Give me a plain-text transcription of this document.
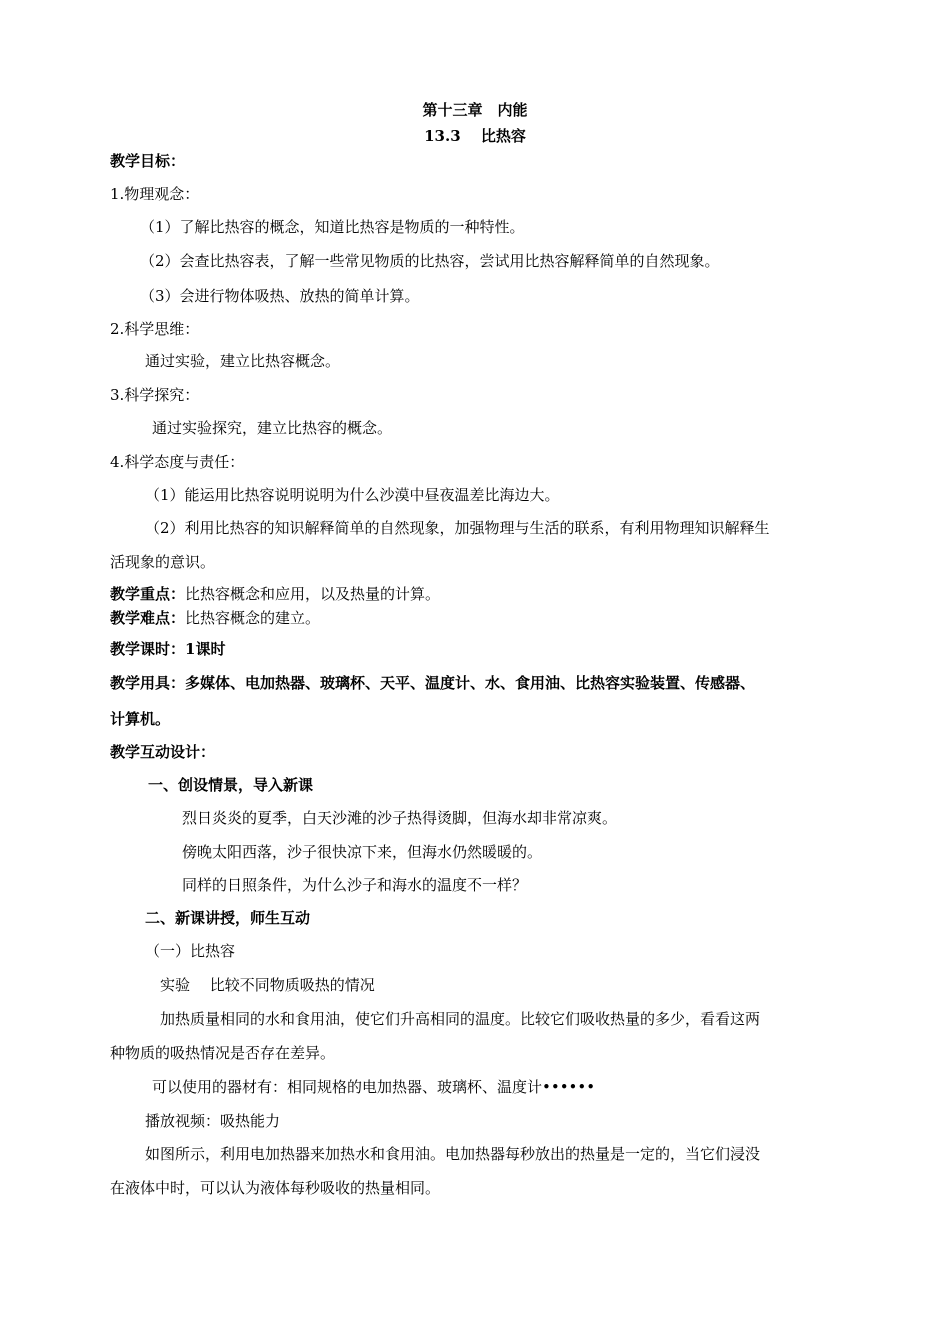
第十三章　内能
13.3　 比热容
教学目标：
1.物理观念：
（1）了解比热容的概念，知道比热容是物质的一种特性。
（2）会查比热容表，了解一些常见物质的比热容，尝试用比热容解释简单的自然现象。
（3）会进行物体吸热、放热的简单计算。
2.科学思维：
通过实验，建立比热容概念。
3.科学探究：
通过实验探究，建立比热容的概念。
4.科学态度与责任：
（1）能运用比热容说明说明为什么沙漠中昼夜温差比海边大。
（2）利用比热容的知识解释简单的自然现象，加强物理与生活的联系，有利用物理知识解释生
活现象的意识。
教学重点：比热容概念和应用，以及热量的计算。
教学难点：比热容概念的建立。
教学课时：1课时
教学用具：多媒体、电加热器、玻璃杯、天平、温度计、水、食用油、比热容实验装置、传感器、
计算机。
教学互动设计：
一、创设情景，导入新课
烈日炎炎的夏季，白天沙滩的沙子热得烫脚，但海水却非常凉爽。
傍晚太阳西落，沙子很快凉下来，但海水仍然暖暖的。
同样的日照条件，为什么沙子和海水的温度不一样？
二、新课讲授，师生互动
（一）比热容
实验　 比较不同物质吸热的情况
加热质量相同的水和食用油，使它们升高相同的温度。比较它们吸收热量的多少，看看这两
种物质的吸热情况是否存在差异。
可以使用的器材有：相同规格的电加热器、玻璃杯、温度计••••••
播放视频：吸热能力
如图所示，利用电加热器来加热水和食用油。电加热器每秒放出的热量是一定的，当它们浸没
在液体中时，可以认为液体每秒吸收的热量相同。
